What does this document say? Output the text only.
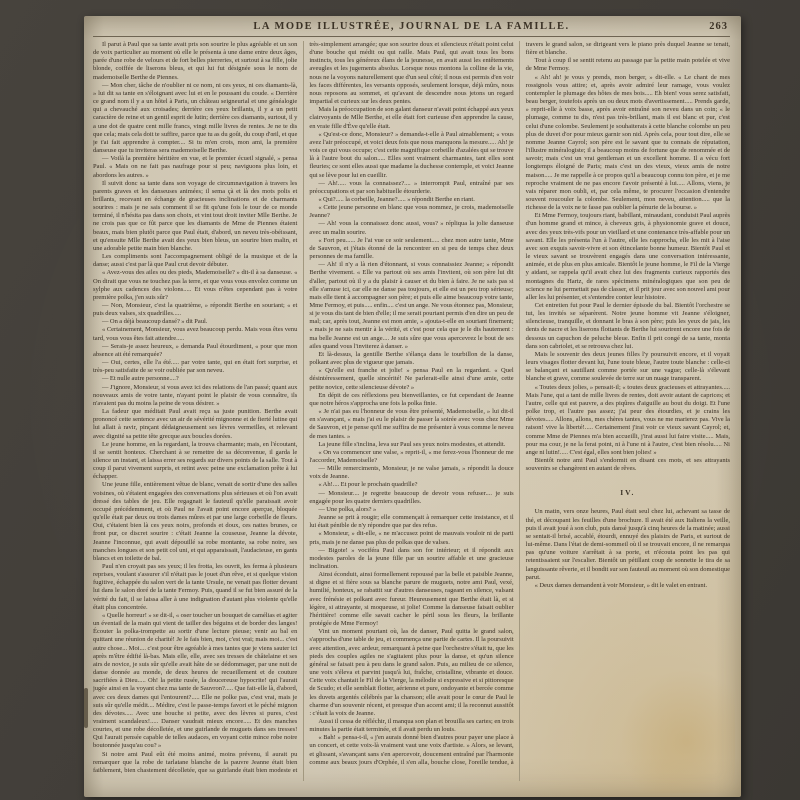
LA MODE ILLUSTRÉE, JOURNAL DE LA FAMILLE.	263

Il parut à Paul que sa tante avait pris son sourire le plus agréable et un son de voix particulier au moment où elle le présenta à une dame entre deux âges, parée d'une robe de velours et de fort belles pierreries, et surtout à sa fille, jolie blonde, coiffée de liserons bleus, et qui lui fut désignée sous le nom de mademoiselle Berthe de Piennes.

— Mon cher, tâche de n'oublier ni ce nom, ni ces yeux, ni ces diamants-là, » lui dit sa tante en s'éloignant avec lui et en le poussant du coude. « Derrière ce grand nom il y a un hôtel à Paris, un château seigneurial et une généalogie qui a chevauché aux croisades; derrière ces yeux brillants, il y a un petit caractère de reine et un gentil esprit de lutin; derrière ces diamants, surtout, il y a une dot de quatre cent mille francs, vingt mille livres de rentes. Je ne te dis que cela; mais cela doit te suffire, parce que tu as du goût, du coup d'œil, et que je t'ai fait apprendre à compter.... Si tu m'en crois, mon ami, la première danseuse que tu inviteras sera mademoiselle Berthe.

— Voilà la première héritière en vue, et le premier écueil signalé, » pensa Paul. « Mais on ne fait pas naufrage pour si peu; naviguons plus loin, et abordons les autres. »

Il suivit donc sa tante dans son voyage de circumnavigation à travers les parents graves et les danseuses animées; il sema çà et là des mots polis et brillants, recevant en échange de gracieuses inclinations et de charmants sourires : mais je ne sais comment il se fit qu'une fois le tour de ce monde terminé, il n'hésita pas dans son choix, et vint tout droit inviter Mlle Berthe. Je ne crois pas que ce fût parce que les diamants de Mme de Piennes étaient beaux, mais bien plutôt parce que Paul était, d'abord, un neveu très-obéissant, et qu'ensuite Mlle Berthe avait des yeux bien bleus, un sourire bien malin, et une adorable petite main bien blanche.

Les compliments sont l'accompagnement obligé de la musique et de la danse; aussi c'est par là que Paul crut devoir débuter.

« Avez-vous des ailes ou des pieds, Mademoiselle? » dit-il à sa danseuse. « On dirait que vous ne touchez pas la terre, et que vous vous envolez comme un sylphe aux cadences des violons..... Et vous n'êtes cependant pas à votre première polka, j'en suis sûr?

— Non, Monsieur, c'est la quatrième, » répondit Berthe en souriant; « et puis deux valses, six quadrilles.....

— On a déjà beaucoup dansé? » dit Paul.

« Certainement, Monsieur, vous avez beaucoup perdu. Mais vous êtes venu tard, vous vous êtes fait attendre.....

— Serais-je assez heureux, » demanda Paul étourdiment, « pour que mon absence ait été remarquée?

— Oui, certes, elle l'a été..... par votre tante, qui en était fort surprise, et très-peu satisfaite de se voir oubliée par son neveu.

— Et nulle autre personne....?

— J'ignore, Monsieur, si vous avez ici des relations de l'an passé; quant aux nouveaux amis de votre tante, n'ayant point le plaisir de vous connaître, ils n'avaient pas du moins la peine de vous désirer. »

La fadeur que méditait Paul avait reçu sa juste punition. Berthe avait prononcé cette sentence avec un air de sévérité mignonne et de fierté lutine qui lui allait à ravir, pinçant dédaigneusement ses lèvres vermeilles, et relevant avec dignité sa petite tête grecque aux boucles dorées.

Le jeune homme, en la regardant, la trouva charmante; mais, en l'écoutant, il se sentit honteux. Cherchant à se remettre de sa déconvenue, il garda le silence un instant, et laissa errer ses regards sur divers points de la salle. Tout à coup il parut vivement surpris, et retint avec peine une exclamation prête à lui échapper.

Une jeune fille, entièrement vêtue de blanc, venait de sortir d'une des salles voisines, où s'étaient engagées des conversations plus sérieuses et où l'on avait dressé des tables de jeu. Elle regagnait le fauteuil qu'elle paraissait avoir occupé précédemment, et où Paul ne l'avait point encore aperçue, bloquée qu'elle était par deux ou trois dames mûres et par une large corbeille de fleurs. Oui, c'étaient bien là ces yeux noirs, profonds et doux, ces nattes brunes, ce front pur, ce discret sourire : c'était Jeanne la couseuse, Jeanne la dévote, Jeanne l'inconnue, qui avait dépouillé sa robe montante, sa robe noire, ses manches longues et son petit col uni, et qui apparaissait, l'audacieuse, en gants blancs et en toilette de bal.

Paul n'en croyait pas ses yeux; il les frotta, les ouvrit, les ferma à plusieurs reprises, voulant s'assurer s'il n'était pas le jouet d'un rêve, et si quelque vision fugitive, échappée du salon vert de la tante Ursule, ne venait pas flotter devant lui dans le salon doré de la tante Fermoy. Puis, quand il se fut bien assuré de la vérité du fait, il se laissa aller à une indignation d'autant plus violente qu'elle était plus concentrée.

« Quelle horreur! » se dit-il, « oser toucher un bouquet de camélias et agiter un éventail de la main qui vient de tailler des béguins et de border des langes! Écouter la polka-trompette au sortir d'une lecture pieuse; venir au bal en quittant une réunion de charité! Je le fais bien, moi, c'est vrai; mais moi... c'est autre chose... Moi.... c'est pour être agréable à mes tantes que je viens sauter ici après m'être édifié là-bas. Mais elle, elle, avec ses tresses de châtelaine et ses airs de novice, je suis sûr qu'elle avait hâte de se dédommager, par une nuit de danse donnée au monde, de deux heures de recueillement et de couture sacrifiées à Dieu..... Oh! la petite rusée, la doucereuse hypocrite! qui l'aurait jugée ainsi en la voyant chez ma tante de Sauvron?..... Que fait-elle là, d'abord, avec ces deux dames qui l'entourent?..... Elle ne polke pas, c'est vrai, mais je suis sûr qu'elle médit.... Médire, c'est le passe-temps favori et le péché mignon des dévotes..... Avec une bouche si petite, avec des lèvres si pures, c'est vraiment scandaleux!..... Danser vaudrait mieux encore..... Et des manches courtes, et une robe décolletée, et une guirlande de muguets dans ses tresses! Qui l'aurait pensée capable de telles audaces, en voyant cette mince robe noire boutonnée jusqu'au cou? »

Si notre ami Paul eût été moins animé, moins prévenu, il aurait pu remarquer que la robe de tarlatane blanche de la pauvre Jeanne était bien faiblement, bien chastement décolletée, que sa guirlande était bien modeste et très-simplement arrangée; que son sourire doux et silencieux n'était point celui d'une bouche qui médit ou qui raille. Mais Paul, qui avait tous les bons instincts, tous les généreux élans de la jeunesse, en avait aussi les entêtements aveugles et les jugements absolus. Lorsque nous montons la colline de la vie, nous ne la voyons naturellement que d'un seul côté; il nous est permis d'en voir les faces différentes, les versants opposés, seulement lorsque, déjà mûrs, nous nous reposons au sommet, et qu'avant de descendre nous jetons un regard impartial et curieux sur les deux pentes.

Mais la préoccupation de son galant danseur n'avait point échappé aux yeux clairvoyants de Mlle Berthe, et elle était fort curieuse d'en apprendre la cause, en vraie fille d'Ève qu'elle était.

« Qu'est-ce donc, Monsieur? » demanda-t-elle à Paul aimablement; « vous avez l'air préoccupé, et voici deux fois que nous manquons la mesure..... Ah! je vois ce qui vous occupe; c'est cette magnifique corbeille d'azalées qui se trouve là à l'autre bout du salon..... Elles sont vraiment charmantes, tant elles sont fleuries; ce sont elles aussi que madame la duchesse contemple, et voici Jeanne qui se lève pour lui en cueillir.

— Ah!..... vous la connaissez?.... » interrompit Paul, entraîné par ses préoccupations et par son habituelle étourderie.

« Qui?..... la corbeille, Jeanne?..... » répondit Berthe en riant.

« Cette jeune personne en blanc que vous nommez, je crois, mademoiselle Jeanne?

— Ah! vous la connaissez donc aussi, vous? » répliqua la jolie danseuse avec un malin sourire.

« Fort peu...... Je l'ai vue ce soir seulement..... chez mon autre tante, Mme de Sauvron, et j'étais étonné de la rencontrer en si peu de temps chez deux personnes de ma famille.

— Ah! il n'y a là rien d'étonnant, si vous connaissiez Jeanne; » répondit Berthe vivement. « Elle va partout où ses amis l'invitent, où son père lui dit d'aller, partout où il y a du plaisir à causer et du bien à faire. Je ne sais pas si elle s'amuse ici, car elle ne danse pas toujours, et elle est un peu trop sérieuse; mais elle tient à accompagner son père; et puis elle aime beaucoup votre tante, Mme Fermoy, et puis..... enfin.... c'est un ange. Ne vous étonnez pas, Monsieur, si je vous dis tant de bien d'elle; il me serait pourtant permis d'en dire un peu de mal; car, après tout, Jeanne est mon amie, » ajouta-t-elle en souriant finement; « mais je ne sais mentir à la vérité, et c'est pour cela que je le dis hautement : ma belle Jeanne est un ange.... Je suis sûre que vous apercevrez le bout de ses ailes quand vous l'inviterez à danser. »

Et là-dessus, la gentille Berthe s'élança dans le tourbillon de la danse, polkant avec plus de vigueur que jamais.

« Qu'elle est franche et jolie! » pensa Paul en la regardant. « Quel désintéressement, quelle sincérité! Ne parlerait-elle ainsi d'une amie, cette petite novice, cette silencieuse dévote? »

En dépit de ces réflexions peu bienveillantes, ce fut cependant de Jeanne que notre héros s'approcha une fois la polka finie.

« Je n'ai pas eu l'honneur de vous être présenté, Mademoiselle, » lui dit-il en s'avançant, « mais j'ai eu le plaisir de passer la soirée avec vous chez Mme de Sauvron, et je pense qu'il me suffira de me présenter à vous comme le neveu de mes tantes. »

La jeune fille s'inclina, leva sur Paul ses yeux noirs modestes, et attendit.

« On va commencer une valse, » reprit-il, « me ferez-vous l'honneur de me l'accorder, Mademoiselle?

— Mille remerciments, Monsieur, je ne valse jamais, » répondit la douce voix de Jeanne.

« Ah!.... Et pour le prochain quadrille?

— Monsieur.... je regrette beaucoup de devoir vous refuser.... je suis engagée pour les quatre derniers quadrilles.

— Une polka, alors? »

Jeanne se prit à rougir; elle commençait à remarquer cette insistance, et il lui était pénible de n'y répondre que par des refus.

« Monsieur, » dit-elle, « ne m'accusez point de mauvais vouloir ni de parti pris, mais je ne danse pas plus de polkas que de valses.

— Bigote! » vociféra Paul dans son for intérieur; et il répondit aux modestes paroles de la jeune fille par un sourire affable et une gracieuse inclination.

Ainsi éconduit, ainsi formellement repoussé par la belle et paisible Jeanne, si digne et si fière sous sa blanche parure de muguets, notre ami Paul, vexé, humilié, honteux, se rabattit sur d'autres danseuses, rageant en silence, valsant avec frénésie et polkant avec fureur. Heureusement que Berthe était là, et si légère, si attrayante, si moqueuse, si jolie! Comme la danseuse faisait oublier l'héritière! comme elle savait cacher le péril sous les fleurs, la brillante protégée de Mme Fermoy!

Vint un moment pourtant où, las de danser, Paul quitta le grand salon, s'approcha d'une table de jeu, et commença une partie de cartes. Il la poursuivit avec attention, avec ardeur, remarquant à peine que l'orchestre s'était tu, que les pieds des couples agiles ne s'agitaient plus pour la danse, et qu'un silence général se faisait peu à peu dans le grand salon. Puis, au milieu de ce silence, une voix s'éleva et parvint jusqu'à lui, fraîche, cristalline, vibrante et douce. Cette voix chantait le Fil de la Vierge, la mélodie si expressive et si pittoresque de Scudo; et elle semblait flotter, aérienne et pure, ondoyante et bercée comme les duvets argentés célébrés par la chanson; elle avait pour le cœur de Paul le charme d'un souvenir récent, et presque d'un accent ami; il la reconnut aussitôt : c'était la voix de Jeanne.

Aussi il cessa de réfléchir, il manqua son plan et brouilla ses cartes; en trois minutes la partie était terminée, et il avait perdu un louis.

« Bah! » pensa-t-il, « j'en aurais donné bien d'autres pour payer une place à un concert, et cette voix-là vraiment vaut une voix d'artiste. » Alors, se levant, et glissant, s'avançant sans s'en apercevoir, doucement entraîné par l'harmonie comme aux beaux jours d'Orphée, il s'en alla, bouche close, l'oreille tendue, à travers le grand salon, se dirigeant vers le piano près duquel Jeanne se tenait, fière et blanche.

Tout à coup il se sentit retenu au passage par la petite main potelée et vive de Mme Fermoy.

« Ah! ah! je vous y prends, mon berger, » dit-elle. « Le chant de mes rossignols vous attire; et, après avoir admiré leur ramage, vous voulez contempler le plumage des hôtes de mes bois..... Eh bien! vous serez satisfait, beau berger, toutefois après un ou deux mots d'avertissement..... Prends garde, » reprit-elle à voix basse, après avoir entraîné son neveu dans un coin; « le plumage, comme tu dis, n'est pas très-brillant, mais il est blanc et pur, c'est celui d'une colombe. Seulement je souhaiterais à cette blanche colombe un peu plus de duvet d'or pour mieux garnir son nid. Après cela, pour tout dire, elle se nomme Jeanne Cayrol; son père est le savant que tu connais de réputation, l'illustre minéralogiste; il a beaucoup moins de fortune que de renommée et de savoir; mais c'est un vrai gentleman et un excellent homme. Il a vécu fort longtemps éloigné de Paris; mais c'est un des vieux, vieux amis de notre maison..... Je me rappelle à ce propos qu'il a beaucoup connu ton père, et je me reproche vraiment de ne pas encore t'avoir présenté à lui..... Allons, viens, je vais réparer mon oubli, et, par cela même, te procurer l'occasion d'entendre souvent roucouler la colombe. Seulement, mon neveu, attention..... que la richesse de la voix ne te fasse pas oublier la pénurie de la bourse. »

Et Mme Fermoy, toujours riant, babillant, minaudant, conduisit Paul auprès d'un homme grand et mince, à cheveux gris, à physionomie grave et douce, avec des yeux très-vifs pour un vieillard et une contenance très-affable pour un savant. Elle les présenta l'un à l'autre, elle les rapprocha, elle les mit à l'aise avec son exquis savoir-vivre et son étincelante bonne humeur. Bientôt Paul et le vieux savant se trouvèrent engagés dans une conversation intéressante, animée, et de plus en plus amicale. Bientôt le jeune homme, le Fil de la Vierge y aidant, se rappela qu'il avait chez lui des fragments curieux rapportés des montagnes du Hartz, de rares spécimens minéralogiques que son peu de science ne lui permettait pas de classer, et il prit jour avec son nouvel ami pour aller les lui présenter, et s'entendre conter leur histoire.

Cet entretien fut pour Paul le dernier épisode du bal. Bientôt l'orchestre se tut, les invités se séparèrent. Notre jeune homme vit Jeanne s'éloigner, silencieuse, tranquille, et donnant le bras à son père; puis les yeux de jais, les dents de nacre et les liserons flottants de Berthe lui sourirent encore une fois de dessous un capuchon de peluche bleue. Enfin il prit congé de sa tante, monta dans son cabriolet, et se retrouva chez lui.

Mais le souvenir des deux jeunes filles l'y poursuivit encore, et il voyait leurs visages flotter devant lui, l'une toute bleue, l'autre toute blanche : celle-ci se balançant et sautillant comme portée sur une vague; celle-là s'élevant blanche et grave, comme soulevée de terre sur un nuage transparent.

« Toutes deux jolies, » pensait-il; « toutes deux gracieuses et attrayantes..... Mais l'une, qui a tant de mille livres de rentes, doit avoir autant de caprices; et l'autre, celle qui est pauvre, a des piqûres d'aiguille au bout du doigt. Et l'une polke trop, et l'autre pas assez; j'ai peur des étourdies, et je crains les dévotes..... Allons, allons, mes chères tantes, vous ne me marierez pas. Vive la raison! vive la liberté!..... Certainement j'irai voir ce vieux savant Cayrol; et, comme Mme de Piennes m'a bien accueilli, j'irai aussi lui faire visite..... Mais, pour ma cour, je ne la ferai point, ni à l'une ni à l'autre, c'est bien résolu..... Ni ange ni lutin!..... C'est égal, elles sont bien jolies! »

Bientôt notre ami Paul s'endormit en disant ces mots, et ses attrayants souvenirs se changèrent en autant de rêves.

IV.

Un matin, vers onze heures, Paul était seul chez lui, achevant sa tasse de thé, et découpant les feuilles d'une brochure. Il avait été aux Italiens la veille, puis il avait joué à son club, puis dansé jusqu'à cinq heures de la matinée; aussi se sentait-il brisé, accablé, étourdi, ennuyé des plaisirs de Paris, et surtout de lui-même. Dans l'état de demi-sommeil où il se trouvait encore, il ne remarqua pas qu'une voiture s'arrêtait à sa porte, et n'écouta point les pas qui retentissaient sur l'escalier. Bientôt un pétillant coup de sonnette le tira de sa languissante rêverie, et il bondit sur son fauteuil au moment où son domestique parut.

« Deux dames demandent à voir Monsieur, » dit le valet en entrant.
